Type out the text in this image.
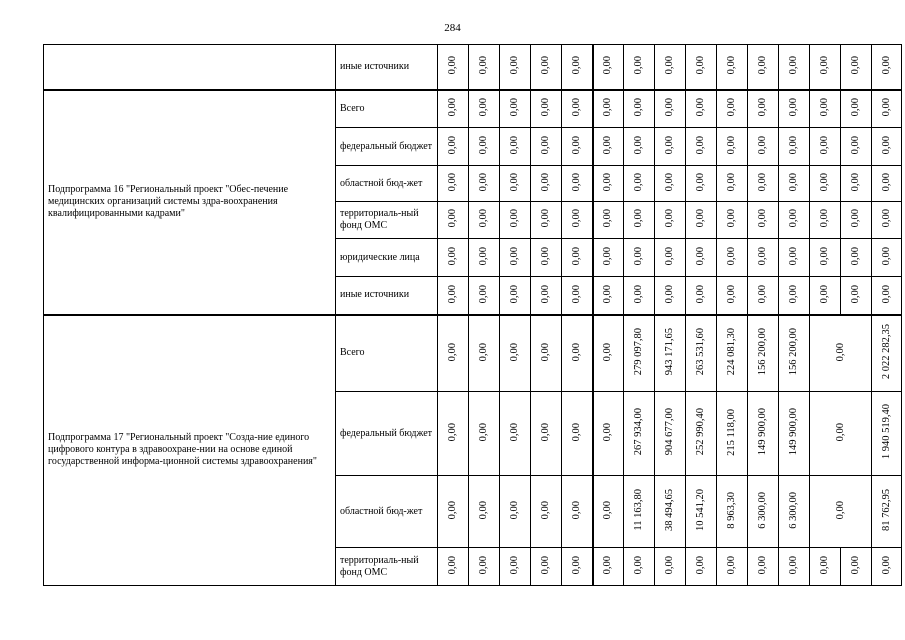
284
	иные источники	0,00	0,00	0,00	0,00	0,00	0,00	0,00	0,00	0,00	0,00	0,00	0,00	0,00	0,00	0,00
Подпрограмма 16 "Региональный проект "Обес-печение медицинских организаций системы здра-воохранения квалифицированными кадрами"	Всего	0,00	0,00	0,00	0,00	0,00	0,00	0,00	0,00	0,00	0,00	0,00	0,00	0,00	0,00	0,00
	федеральный бюджет	0,00	0,00	0,00	0,00	0,00	0,00	0,00	0,00	0,00	0,00	0,00	0,00	0,00	0,00	0,00
	областной бюд-жет	0,00	0,00	0,00	0,00	0,00	0,00	0,00	0,00	0,00	0,00	0,00	0,00	0,00	0,00	0,00
	территориаль-ный фонд ОМС	0,00	0,00	0,00	0,00	0,00	0,00	0,00	0,00	0,00	0,00	0,00	0,00	0,00	0,00	0,00
	юридические лица	0,00	0,00	0,00	0,00	0,00	0,00	0,00	0,00	0,00	0,00	0,00	0,00	0,00	0,00	0,00
	иные источники	0,00	0,00	0,00	0,00	0,00	0,00	0,00	0,00	0,00	0,00	0,00	0,00	0,00	0,00	0,00
Подпрограмма 17 "Региональный проект "Созда-ние единого цифрового контура в здравоохране-нии на основе единой государственной информа-ционной системы здравоохранения"	Всего	0,00	0,00	0,00	0,00	0,00	0,00	279 097,80	943 171,65	263 531,60	224 081,30	156 200,00	156 200,00	0,00		2 022 282,35
	федеральный бюджет	0,00	0,00	0,00	0,00	0,00	0,00	267 934,00	904 677,00	252 990,40	215 118,00	149 900,00	149 900,00	0,00		1 940 519,40
	областной бюд-жет	0,00	0,00	0,00	0,00	0,00	0,00	11 163,80	38 494,65	10 541,20	8 963,30	6 300,00	6 300,00	0,00		81 762,95
	территориаль-ный фонд ОМС	0,00	0,00	0,00	0,00	0,00	0,00	0,00	0,00	0,00	0,00	0,00	0,00	0,00	0,00	0,00
